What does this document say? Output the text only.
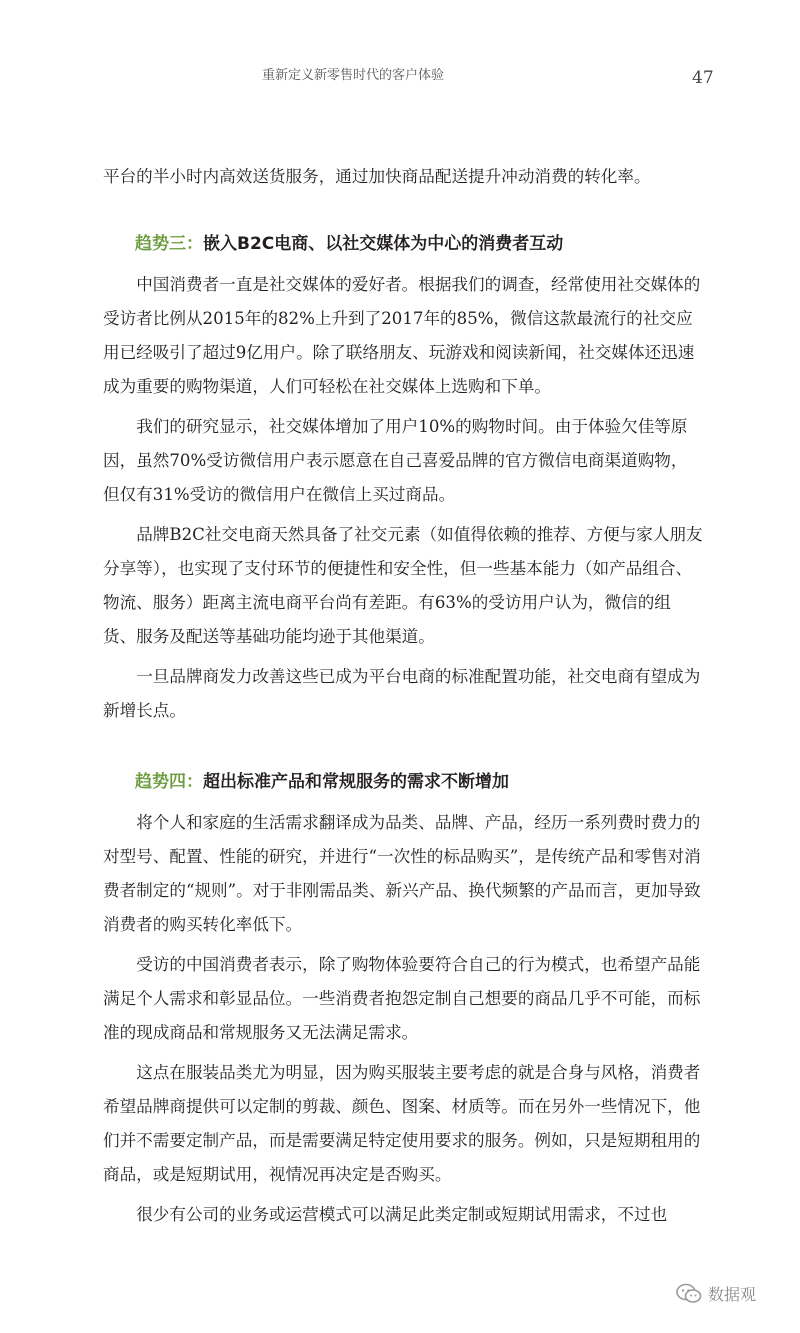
重新定义新零售时代的客户体验	47

平台的半小时内高效送货服务，通过加快商品配送提升冲动消费的转化率。

趋势三：嵌入B2C电商、以社交媒体为中心的消费者互动

中国消费者一直是社交媒体的爱好者。根据我们的调查，经常使用社交媒体的受访者比例从2015年的82%上升到了2017年的85%，微信这款最流行的社交应用已经吸引了超过9亿用户。除了联络朋友、玩游戏和阅读新闻，社交媒体还迅速成为重要的购物渠道，人们可轻松在社交媒体上选购和下单。

我们的研究显示，社交媒体增加了用户10%的购物时间。由于体验欠佳等原因，虽然70%受访微信用户表示愿意在自己喜爱品牌的官方微信电商渠道购物，但仅有31%受访的微信用户在微信上买过商品。

品牌B2C社交电商天然具备了社交元素（如值得依赖的推荐、方便与家人朋友分享等），也实现了支付环节的便捷性和安全性，但一些基本能力（如产品组合、物流、服务）距离主流电商平台尚有差距。有63%的受访用户认为，微信的组货、服务及配送等基础功能均逊于其他渠道。

一旦品牌商发力改善这些已成为平台电商的标准配置功能，社交电商有望成为新增长点。

趋势四：超出标准产品和常规服务的需求不断增加

将个人和家庭的生活需求翻译成为品类、品牌、产品，经历一系列费时费力的对型号、配置、性能的研究，并进行“一次性的标品购买”，是传统产品和零售对消费者制定的“规则”。对于非刚需品类、新兴产品、换代频繁的产品而言，更加导致消费者的购买转化率低下。

受访的中国消费者表示，除了购物体验要符合自己的行为模式，也希望产品能满足个人需求和彰显品位。一些消费者抱怨定制自己想要的商品几乎不可能，而标准的现成商品和常规服务又无法满足需求。

这点在服装品类尤为明显，因为购买服装主要考虑的就是合身与风格，消费者希望品牌商提供可以定制的剪裁、颜色、图案、材质等。而在另外一些情况下，他们并不需要定制产品，而是需要满足特定使用要求的服务。例如，只是短期租用的商品，或是短期试用，视情况再决定是否购买。

很少有公司的业务或运营模式可以满足此类定制或短期试用需求，不过也

数据观
